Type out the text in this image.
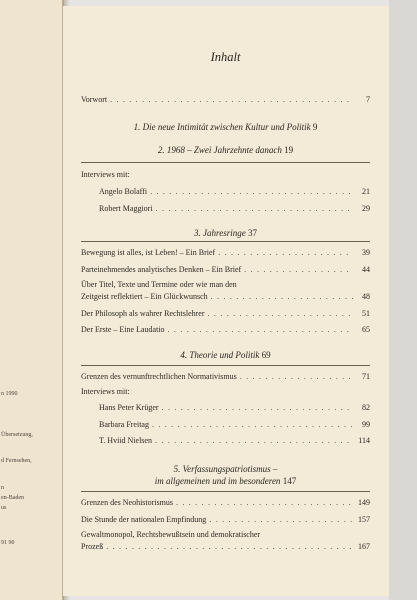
n 1990
Übersetzung,
d Fernsehen,
n
en-Baden
us
91 90
Inhalt
Vorwort . . .	7
1. Die neue Intimität zwischen Kultur und Politik 9
2. 1968 – Zwei Jahrzehnte danach 19
Interviews mit:
Angelo Bolaffi . . .	21
Robert Maggiori . . .	29
3. Jahresringe 37
Bewegung ist alles, ist Leben! – Ein Brief . . .	39
Parteinehmendes analytisches Denken – Ein Brief . . .	44
Über Titel, Texte und Termine oder wie man den
Zeitgeist reflektiert – Ein Glückwunsch . . .	48
Der Philosoph als wahrer Rechtslehrer . . .	51
Der Erste – Eine Laudatio . . .	65
4. Theorie und Politik 69
Grenzen des vernunftrechtlichen Normativismus . . .	71
Interviews mit:
Hans Peter Krüger . . .	82
Barbara Freitag . . .	99
T. Hviid Nielsen . . .	114
5. Verfassungspatriotismus –
im allgemeinen und im besonderen 147
Grenzen des Neohistorismus . . .	149
Die Stunde der nationalen Empfindung . . .	157
Gewaltmonopol, Rechtsbewußtsein und demokratischer
Prozeß . . .	167
